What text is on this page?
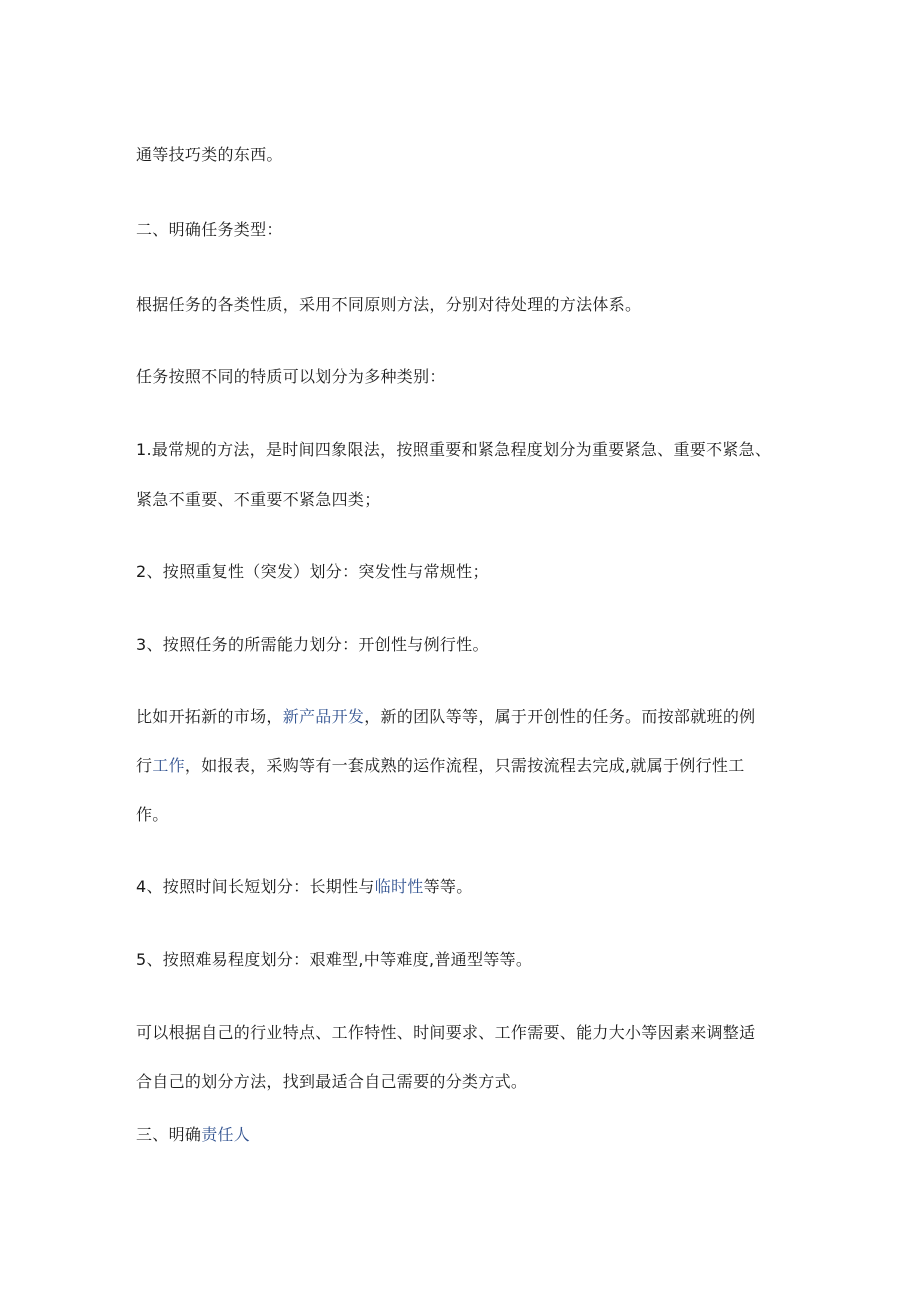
通等技巧类的东西。
二、明确任务类型：
根据任务的各类性质，采用不同原则方法，分别对待处理的方法体系。
任务按照不同的特质可以划分为多种类别：
1.最常规的方法，是时间四象限法，按照重要和紧急程度划分为重要紧急、重要不紧急、
紧急不重要、不重要不紧急四类；
2、按照重复性（突发）划分：突发性与常规性；
3、按照任务的所需能力划分：开创性与例行性。
比如开拓新的市场，新产品开发，新的团队等等，属于开创性的任务。而按部就班的例
行工作，如报表，采购等有一套成熟的运作流程，只需按流程去完成,就属于例行性工
作。
4、按照时间长短划分：长期性与临时性等等。
5、按照难易程度划分：艰难型,中等难度,普通型等等。
可以根据自己的行业特点、工作特性、时间要求、工作需要、能力大小等因素来调整适
合自己的划分方法，找到最适合自己需要的分类方式。
三、明确责任人
